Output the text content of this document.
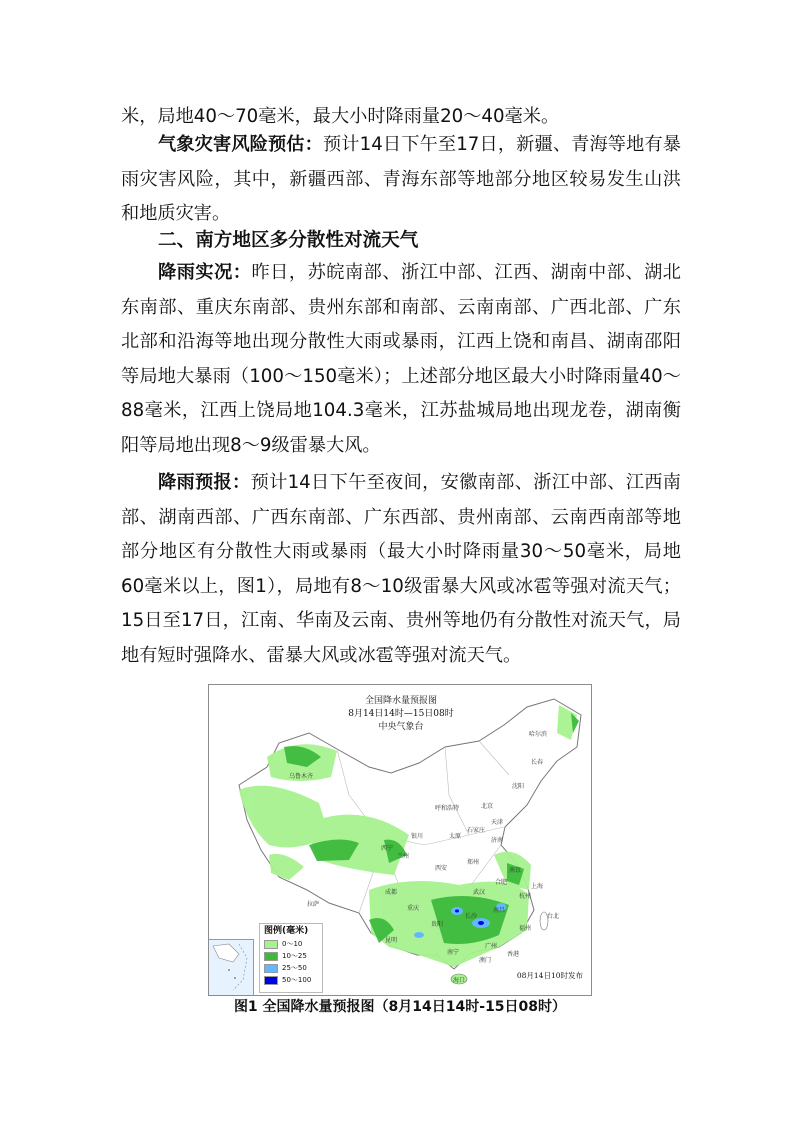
米，局地40～70毫米，最大小时降雨量20～40毫米。

气象灾害风险预估：预计14日下午至17日，新疆、青海等地有暴雨灾害风险，其中，新疆西部、青海东部等地部分地区较易发生山洪和地质灾害。

二、南方地区多分散性对流天气

降雨实况：昨日，苏皖南部、浙江中部、江西、湖南中部、湖北东南部、重庆东南部、贵州东部和南部、云南南部、广西北部、广东北部和沿海等地出现分散性大雨或暴雨，江西上饶和南昌、湖南邵阳等局地大暴雨（100～150毫米）；上述部分地区最大小时降雨量40～88毫米，江西上饶局地104.3毫米，江苏盐城局地出现龙卷，湖南衡阳等局地出现8～9级雷暴大风。

降雨预报：预计14日下午至夜间，安徽南部、浙江中部、江西南部、湖南西部、广西东南部、广东西部、贵州南部、云南西南部等地部分地区有分散性大雨或暴雨（最大小时降雨量30～50毫米，局地60毫米以上，图1），局地有8～10级雷暴大风或冰雹等强对流天气；15日至17日，江南、华南及云南、贵州等地仍有分散性对流天气，局地有短时强降水、雷暴大风或冰雹等强对流天气。

全国降水量预报图
8月14日14时—15日08时
中央气象台
哈尔滨
长春
沈阳
北京
天津
呼和浩特
石家庄
太原
济南
银川
兰州
西宁
西安
郑州
乌鲁木齐
拉萨
成都
重庆
武汉
合肥
南京
上海
杭州
南昌
长沙
福州
台北
贵阳
昆明
南宁
广州
香港
澳门
海口
图例(毫米)
0～10
10～25
25～50
50～100	08月14日10时发布
图1 全国降水量预报图（8月14日14时-15日08时）
